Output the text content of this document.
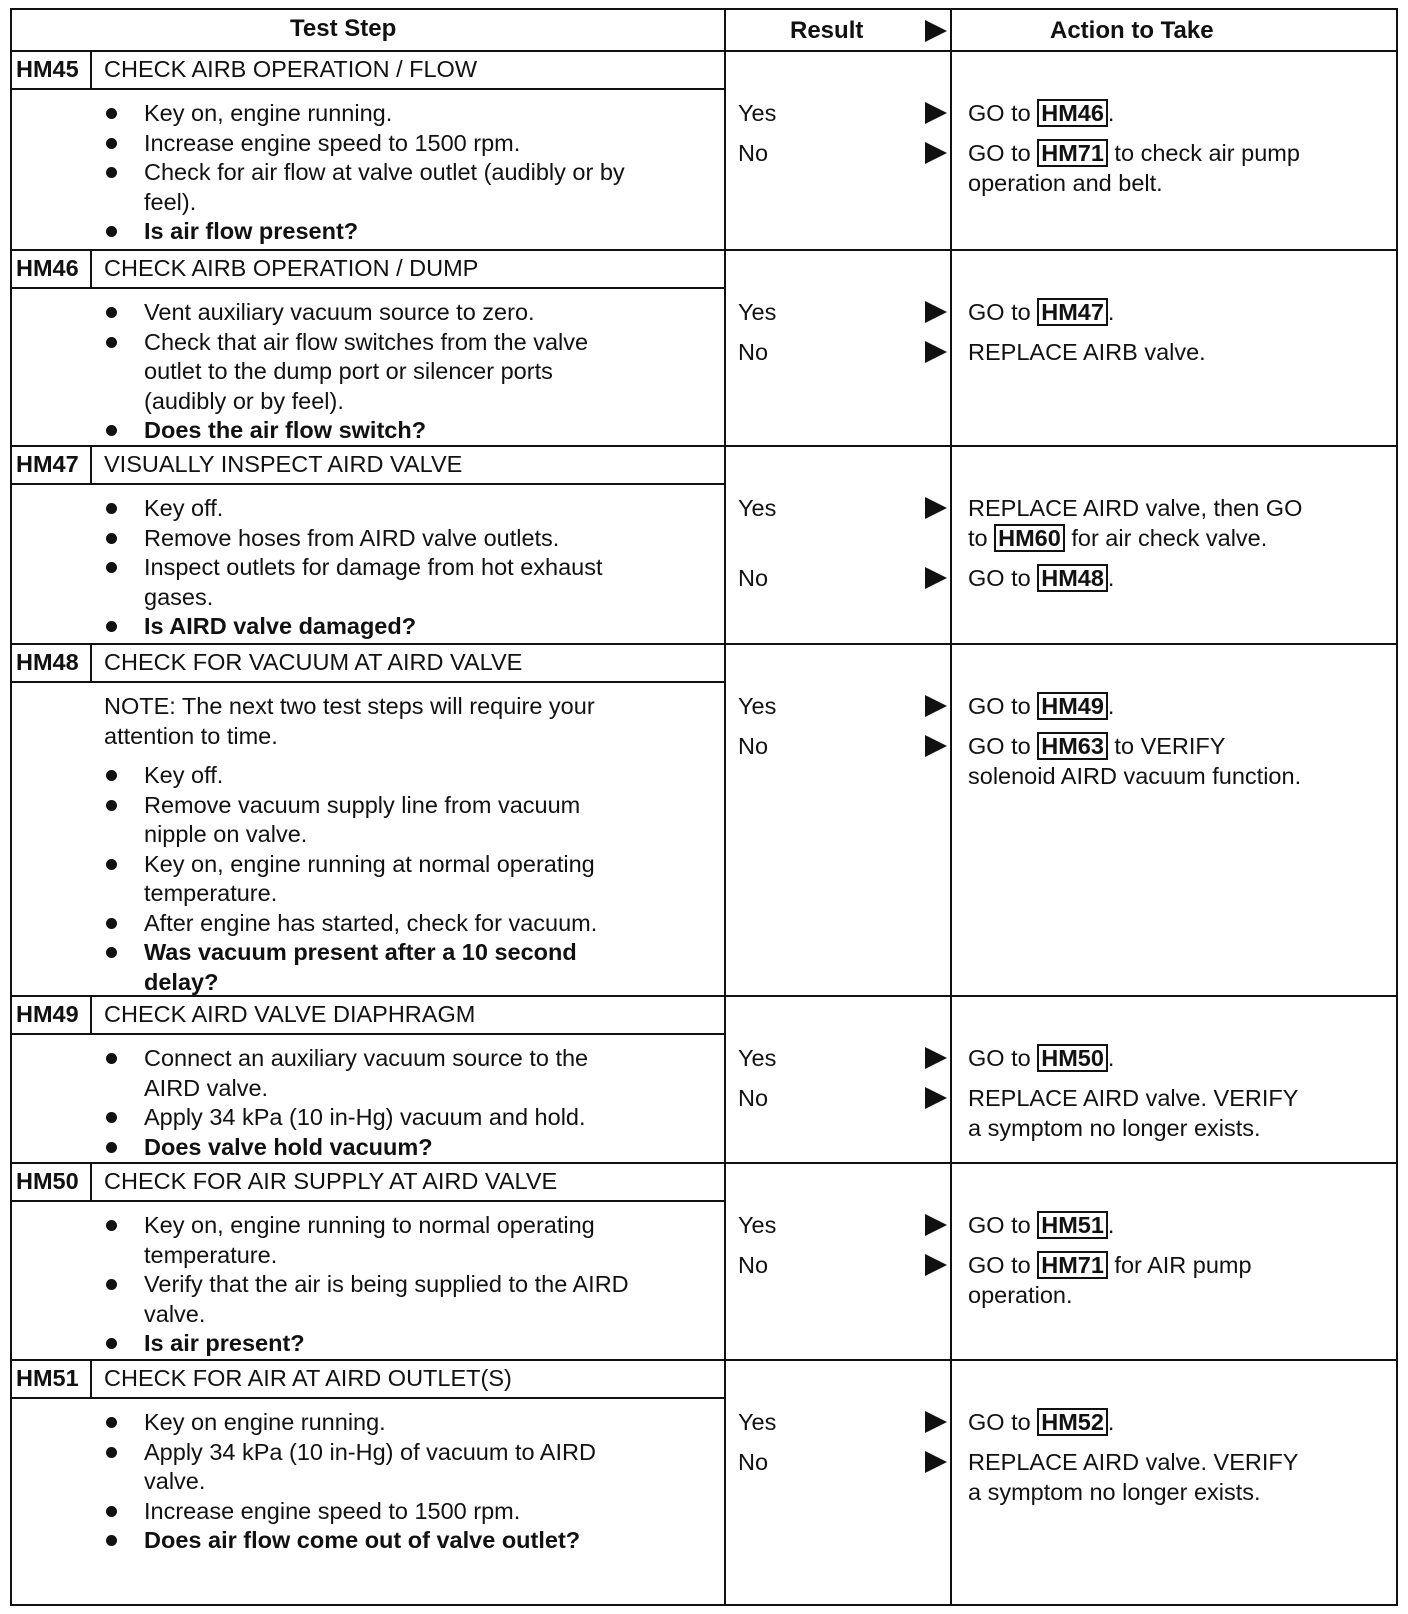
Test Step	Result	Action to Take
HM45 CHECK AIRB OPERATION / FLOW
Key on, engine running.
Increase engine speed to 1500 rpm.
Check for air flow at valve outlet (audibly or by
feel).
Is air flow present?
Yes	GO to HM46 .
No	GO to HM71 to check air pump
operation and belt.
HM46 CHECK AIRB OPERATION / DUMP
Vent auxiliary vacuum source to zero.
Check that air flow switches from the valve
outlet to the dump port or silencer ports
(audibly or by feel).
Does the air flow switch?
Yes	GO to HM47 .
No	REPLACE AIRB valve.
HM47 VISUALLY INSPECT AIRD VALVE
Key off.
Remove hoses from AIRD valve outlets.
Inspect outlets for damage from hot exhaust
gases.
Is AIRD valve damaged?
Yes	REPLACE AIRD valve, then GO
to HM60 for air check valve.
No	GO to HM48 .
HM48 CHECK FOR VACUUM AT AIRD VALVE
NOTE: The next two test steps will require your
attention to time.
Key off.
Remove vacuum supply line from vacuum
nipple on valve.
Key on, engine running at normal operating
temperature.
After engine has started, check for vacuum.
Was vacuum present after a 10 second
delay?
Yes	GO to HM49 .
No	GO to HM63 to VERIFY
solenoid AIRD vacuum function.
HM49 CHECK AIRD VALVE DIAPHRAGM
Connect an auxiliary vacuum source to the
AIRD valve.
Apply 34 kPa (10 in-Hg) vacuum and hold.
Does valve hold vacuum?
Yes	GO to HM50 .
No	REPLACE AIRD valve. VERIFY
a symptom no longer exists.
HM50 CHECK FOR AIR SUPPLY AT AIRD VALVE
Key on, engine running to normal operating
temperature.
Verify that the air is being supplied to the AIRD
valve.
Is air present?
Yes	GO to HM51 .
No	GO to HM71 for AIR pump
operation.
HM51 CHECK FOR AIR AT AIRD OUTLET(S)
Key on engine running.
Apply 34 kPa (10 in-Hg) of vacuum to AIRD
valve.
Increase engine speed to 1500 rpm.
Does air flow come out of valve outlet?
Yes	GO to HM52 .
No	REPLACE AIRD valve. VERIFY
a symptom no longer exists.
